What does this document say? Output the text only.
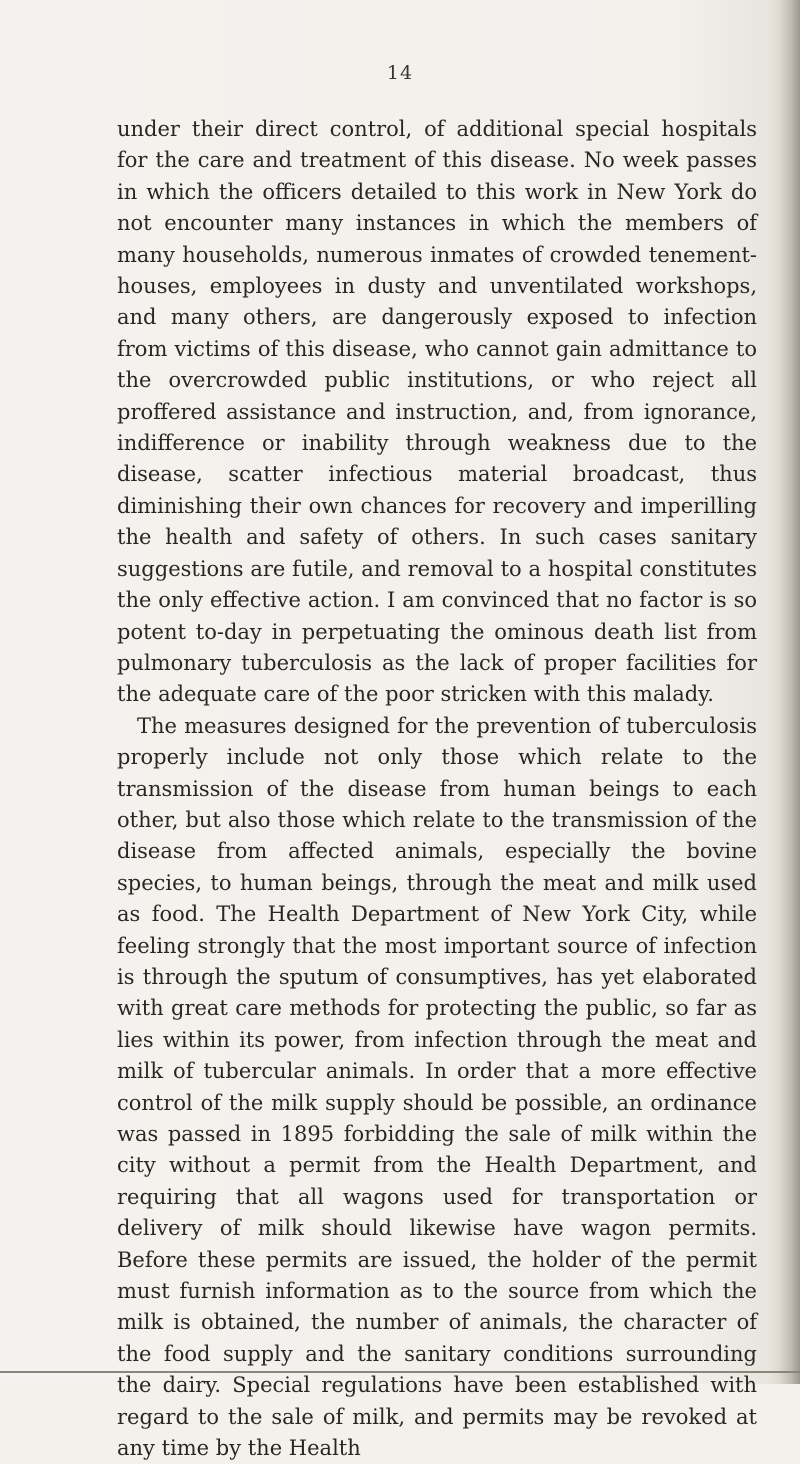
14

under their direct control, of additional special hospitals for the care and treatment of this disease. No week passes in which the officers detailed to this work in New York do not encounter many instances in which the members of many households, numerous inmates of crowded tenement-houses, employees in dusty and unventilated workshops, and many others, are dangerously exposed to infection from victims of this disease, who cannot gain admittance to the overcrowded public institutions, or who reject all proffered assistance and instruction, and, from ignorance, indifference or inability through weakness due to the disease, scatter infectious material broadcast, thus diminishing their own chances for recovery and imperilling the health and safety of others. In such cases sanitary suggestions are futile, and removal to a hospital constitutes the only effective action. I am convinced that no factor is so potent to-day in perpetuating the ominous death list from pulmonary tuberculosis as the lack of proper facilities for the adequate care of the poor stricken with this malady.

The measures designed for the prevention of tuberculosis properly include not only those which relate to the transmission of the disease from human beings to each other, but also those which relate to the transmission of the disease from affected animals, especially the bovine species, to human beings, through the meat and milk used as food. The Health Department of New York City, while feeling strongly that the most important source of infection is through the sputum of consumptives, has yet elaborated with great care methods for protecting the public, so far as lies within its power, from infection through the meat and milk of tubercular animals. In order that a more effective control of the milk supply should be possible, an ordinance was passed in 1895 forbidding the sale of milk within the city without a permit from the Health Department, and requiring that all wagons used for transportation or delivery of milk should likewise have wagon permits. Before these permits are issued, the holder of the permit must furnish information as to the source from which the milk is obtained, the number of animals, the character of the food supply and the sanitary conditions surrounding the dairy. Special regulations have been established with regard to the sale of milk, and permits may be revoked at any time by the Health
